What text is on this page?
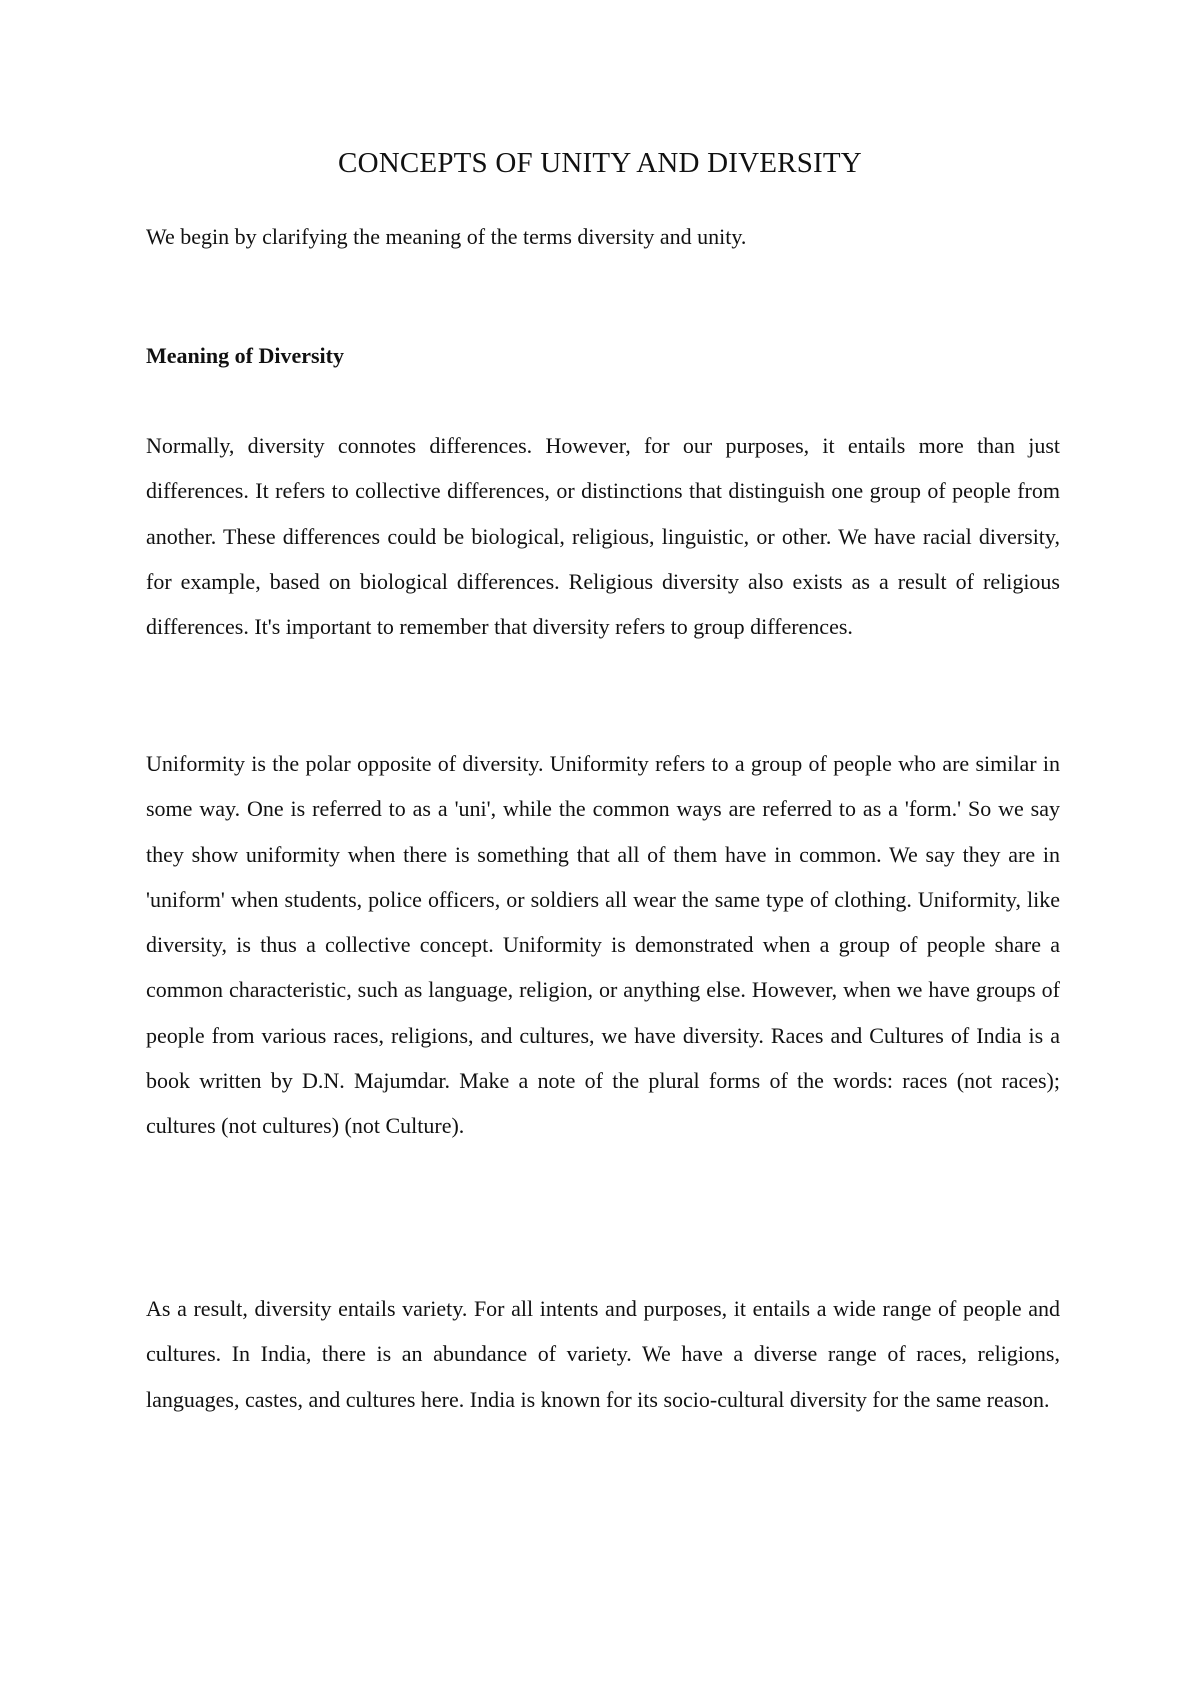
CONCEPTS OF UNITY AND DIVERSITY

We begin by clarifying the meaning of the terms diversity and unity.

Meaning of Diversity

Normally, diversity connotes differences. However, for our purposes, it entails more than just differences. It refers to collective differences, or distinctions that distinguish one group of people from another. These differences could be biological, religious, linguistic, or other. We have racial diversity, for example, based on biological differences. Religious diversity also exists as a result of religious differences. It's important to remember that diversity refers to group differences.

Uniformity is the polar opposite of diversity. Uniformity refers to a group of people who are similar in some way. One is referred to as a 'uni', while the common ways are referred to as a 'form.' So we say they show uniformity when there is something that all of them have in common. We say they are in 'uniform' when students, police officers, or soldiers all wear the same type of clothing. Uniformity, like diversity, is thus a collective concept. Uniformity is demonstrated when a group of people share a common characteristic, such as language, religion, or anything else. However, when we have groups of people from various races, religions, and cultures, we have diversity. Races and Cultures of India is a book written by D.N. Majumdar. Make a note of the plural forms of the words: races (not races); cultures (not cultures) (not Culture).

As a result, diversity entails variety. For all intents and purposes, it entails a wide range of people and cultures. In India, there is an abundance of variety. We have a diverse range of races, religions, languages, castes, and cultures here. India is known for its socio-cultural diversity for the same reason.
